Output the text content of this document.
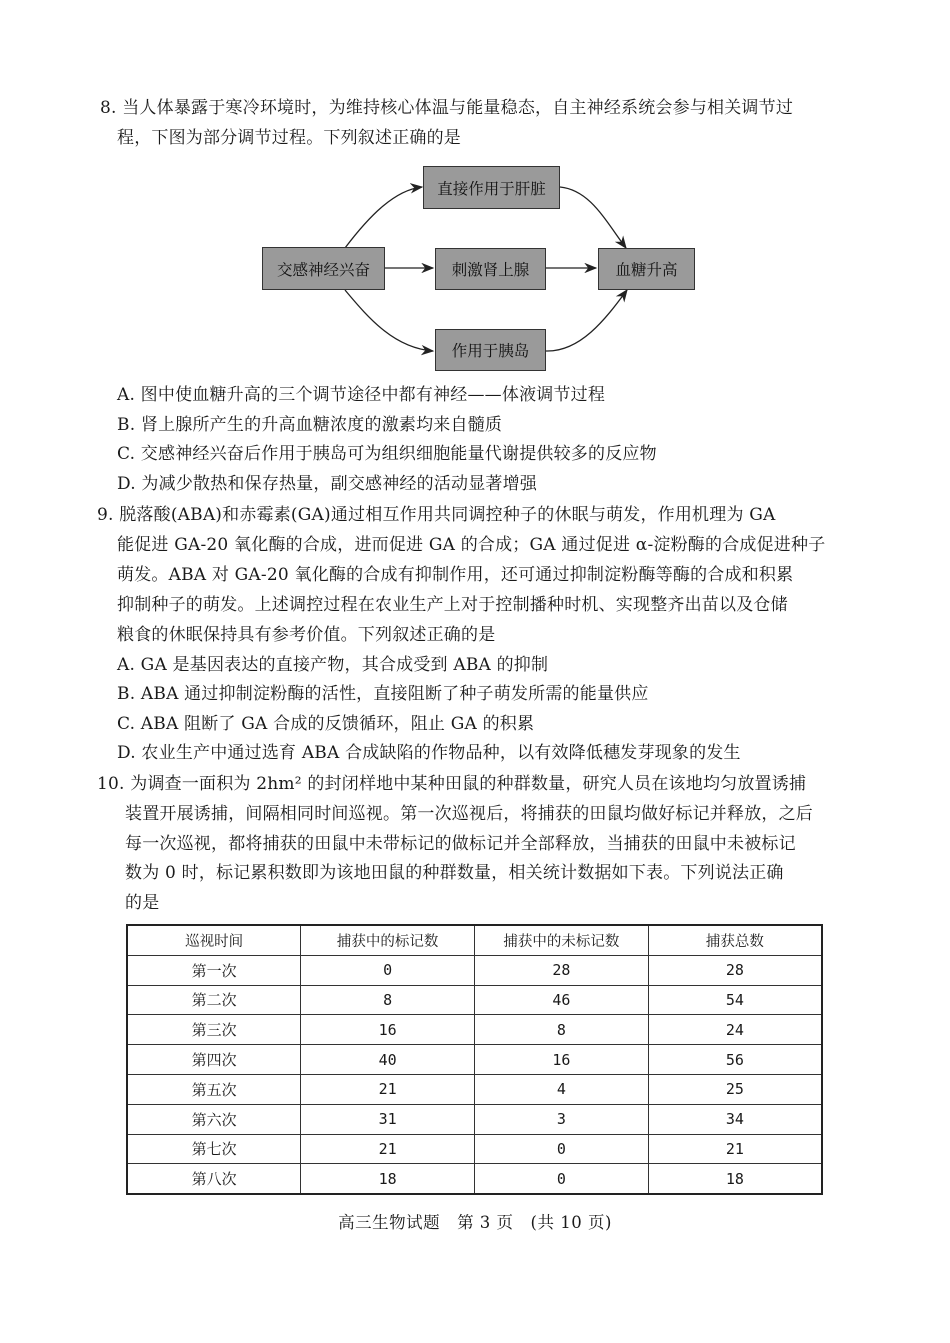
8. 当人体暴露于寒冷环境时，为维持核心体温与能量稳态，自主神经系统会参与相关调节过
程，下图为部分调节过程。下列叙述正确的是
交感神经兴奋
直接作用于肝脏
刺激肾上腺
作用于胰岛
血糖升高
A. 图中使血糖升高的三个调节途径中都有神经——体液调节过程
B. 肾上腺所产生的升高血糖浓度的激素均来自髓质
C. 交感神经兴奋后作用于胰岛可为组织细胞能量代谢提供较多的反应物
D. 为减少散热和保存热量，副交感神经的活动显著增强
9. 脱落酸(ABA)和赤霉素(GA)通过相互作用共同调控种子的休眠与萌发，作用机理为 GA
能促进 GA-20 氧化酶的合成，进而促进 GA 的合成；GA 通过促进 α-淀粉酶的合成促进种子
萌发。ABA 对 GA-20 氧化酶的合成有抑制作用，还可通过抑制淀粉酶等酶的合成和积累
抑制种子的萌发。上述调控过程在农业生产上对于控制播种时机、实现整齐出苗以及仓储
粮食的休眠保持具有参考价值。下列叙述正确的是
A. GA 是基因表达的直接产物，其合成受到 ABA 的抑制
B. ABA 通过抑制淀粉酶的活性，直接阻断了种子萌发所需的能量供应
C. ABA 阻断了 GA 合成的反馈循环，阻止 GA 的积累
D. 农业生产中通过选育 ABA 合成缺陷的作物品种，以有效降低穗发芽现象的发生
10. 为调查一面积为 2hm² 的封闭样地中某种田鼠的种群数量，研究人员在该地均匀放置诱捕
装置开展诱捕，间隔相同时间巡视。第一次巡视后，将捕获的田鼠均做好标记并释放，之后
每一次巡视，都将捕获的田鼠中未带标记的做标记并全部释放，当捕获的田鼠中未被标记
数为 0 时，标记累积数即为该地田鼠的种群数量，相关统计数据如下表。下列说法正确
的是
巡视时间	捕获中的标记数	捕获中的未标记数	捕获总数
第一次	0	28	28
第二次	8	46	54
第三次	16	8	24
第四次	40	16	56
第五次	21	4	25
第六次	31	3	34
第七次	21	0	21
第八次	18	0	18
高三生物试题　第 3 页　(共 10 页)
